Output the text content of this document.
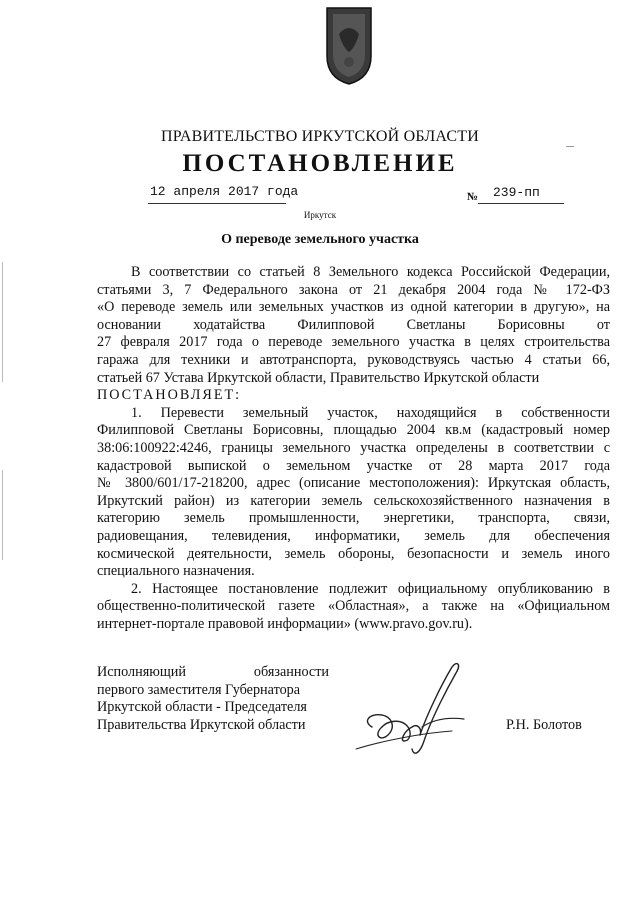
ПРАВИТЕЛЬСТВО ИРКУТСКОЙ ОБЛАСТИ
ПОСТАНОВЛЕНИЕ
12 апреля 2017 года	№ 239-пп
Иркутск
О переводе земельного участка
В соответствии со статьей 8 Земельного кодекса Российской Федерации,
статьями 3, 7 Федерального закона от 21 декабря 2004 года № 172-ФЗ
«О переводе земель или земельных участков из одной категории в другую», на
основании ходатайства Филипповой Светланы Борисовны от
27 февраля 2017 года о переводе земельного участка в целях строительства
гаража для техники и автотранспорта, руководствуясь частью 4 статьи 66,
статьей 67 Устава Иркутской области, Правительство Иркутской области
ПОСТАНОВЛЯЕТ:
1. Перевести земельный участок, находящийся в собственности
Филипповой Светланы Борисовны, площадью 2004 кв.м (кадастровый номер
38:06:100922:4246, границы земельного участка определены в соответствии с
кадастровой выпиской о земельном участке от 28 марта 2017 года
№ 3800/601/17-218200, адрес (описание местоположения): Иркутская область,
Иркутский район) из категории земель сельскохозяйственного назначения в
категорию земель промышленности, энергетики, транспорта, связи,
радиовещания, телевидения, информатики, земель для обеспечения
космической деятельности, земель обороны, безопасности и земель иного
специального назначения.
2. Настоящее постановление подлежит официальному опубликованию в
общественно-политической газете «Областная», а также на «Официальном
интернет-портале правовой информации» (www.pravo.gov.ru).
Исполняющий обязанности
первого заместителя Губернатора
Иркутской области - Председателя
Правительства Иркутской области	Р.Н. Болотов
